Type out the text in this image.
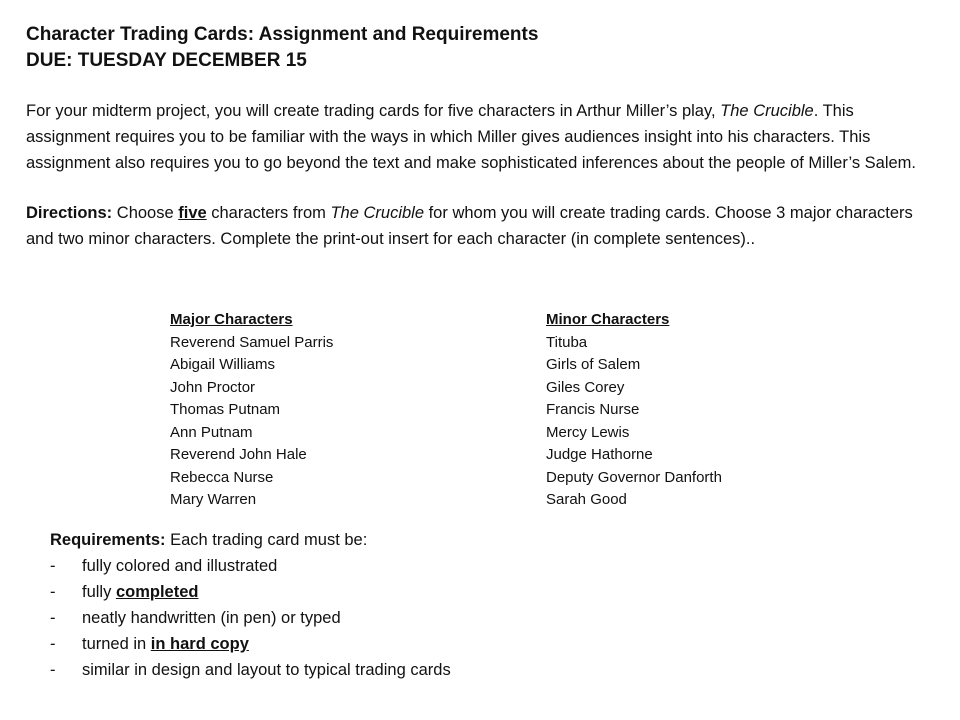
Character Trading Cards: Assignment and Requirements

DUE: TUESDAY DECEMBER 15

For your midterm project, you will create trading cards for five characters in Arthur Miller’s play, The Crucible. This assignment requires you to be familiar with the ways in which Miller gives audiences insight into his characters. This assignment also requires you to go beyond the text and make sophisticated inferences about the people of Miller’s Salem.

Directions: Choose five characters from The Crucible for whom you will create trading cards. Choose 3 major characters and two minor characters. Complete the print-out insert for each character (in complete sentences)..

Major Characters
Reverend Samuel Parris
Abigail Williams
John Proctor
Thomas Putnam
Ann Putnam
Reverend John Hale
Rebecca Nurse
Mary Warren
Minor Characters
Tituba
Girls of Salem
Giles Corey
Francis Nurse
Mercy Lewis
Judge Hathorne
Deputy Governor Danforth
Sarah Good
Requirements: Each trading card must be:
- fully colored and illustrated
- fully completed
- neatly handwritten (in pen) or typed
- turned in in hard copy
- similar in design and layout to typical trading cards
